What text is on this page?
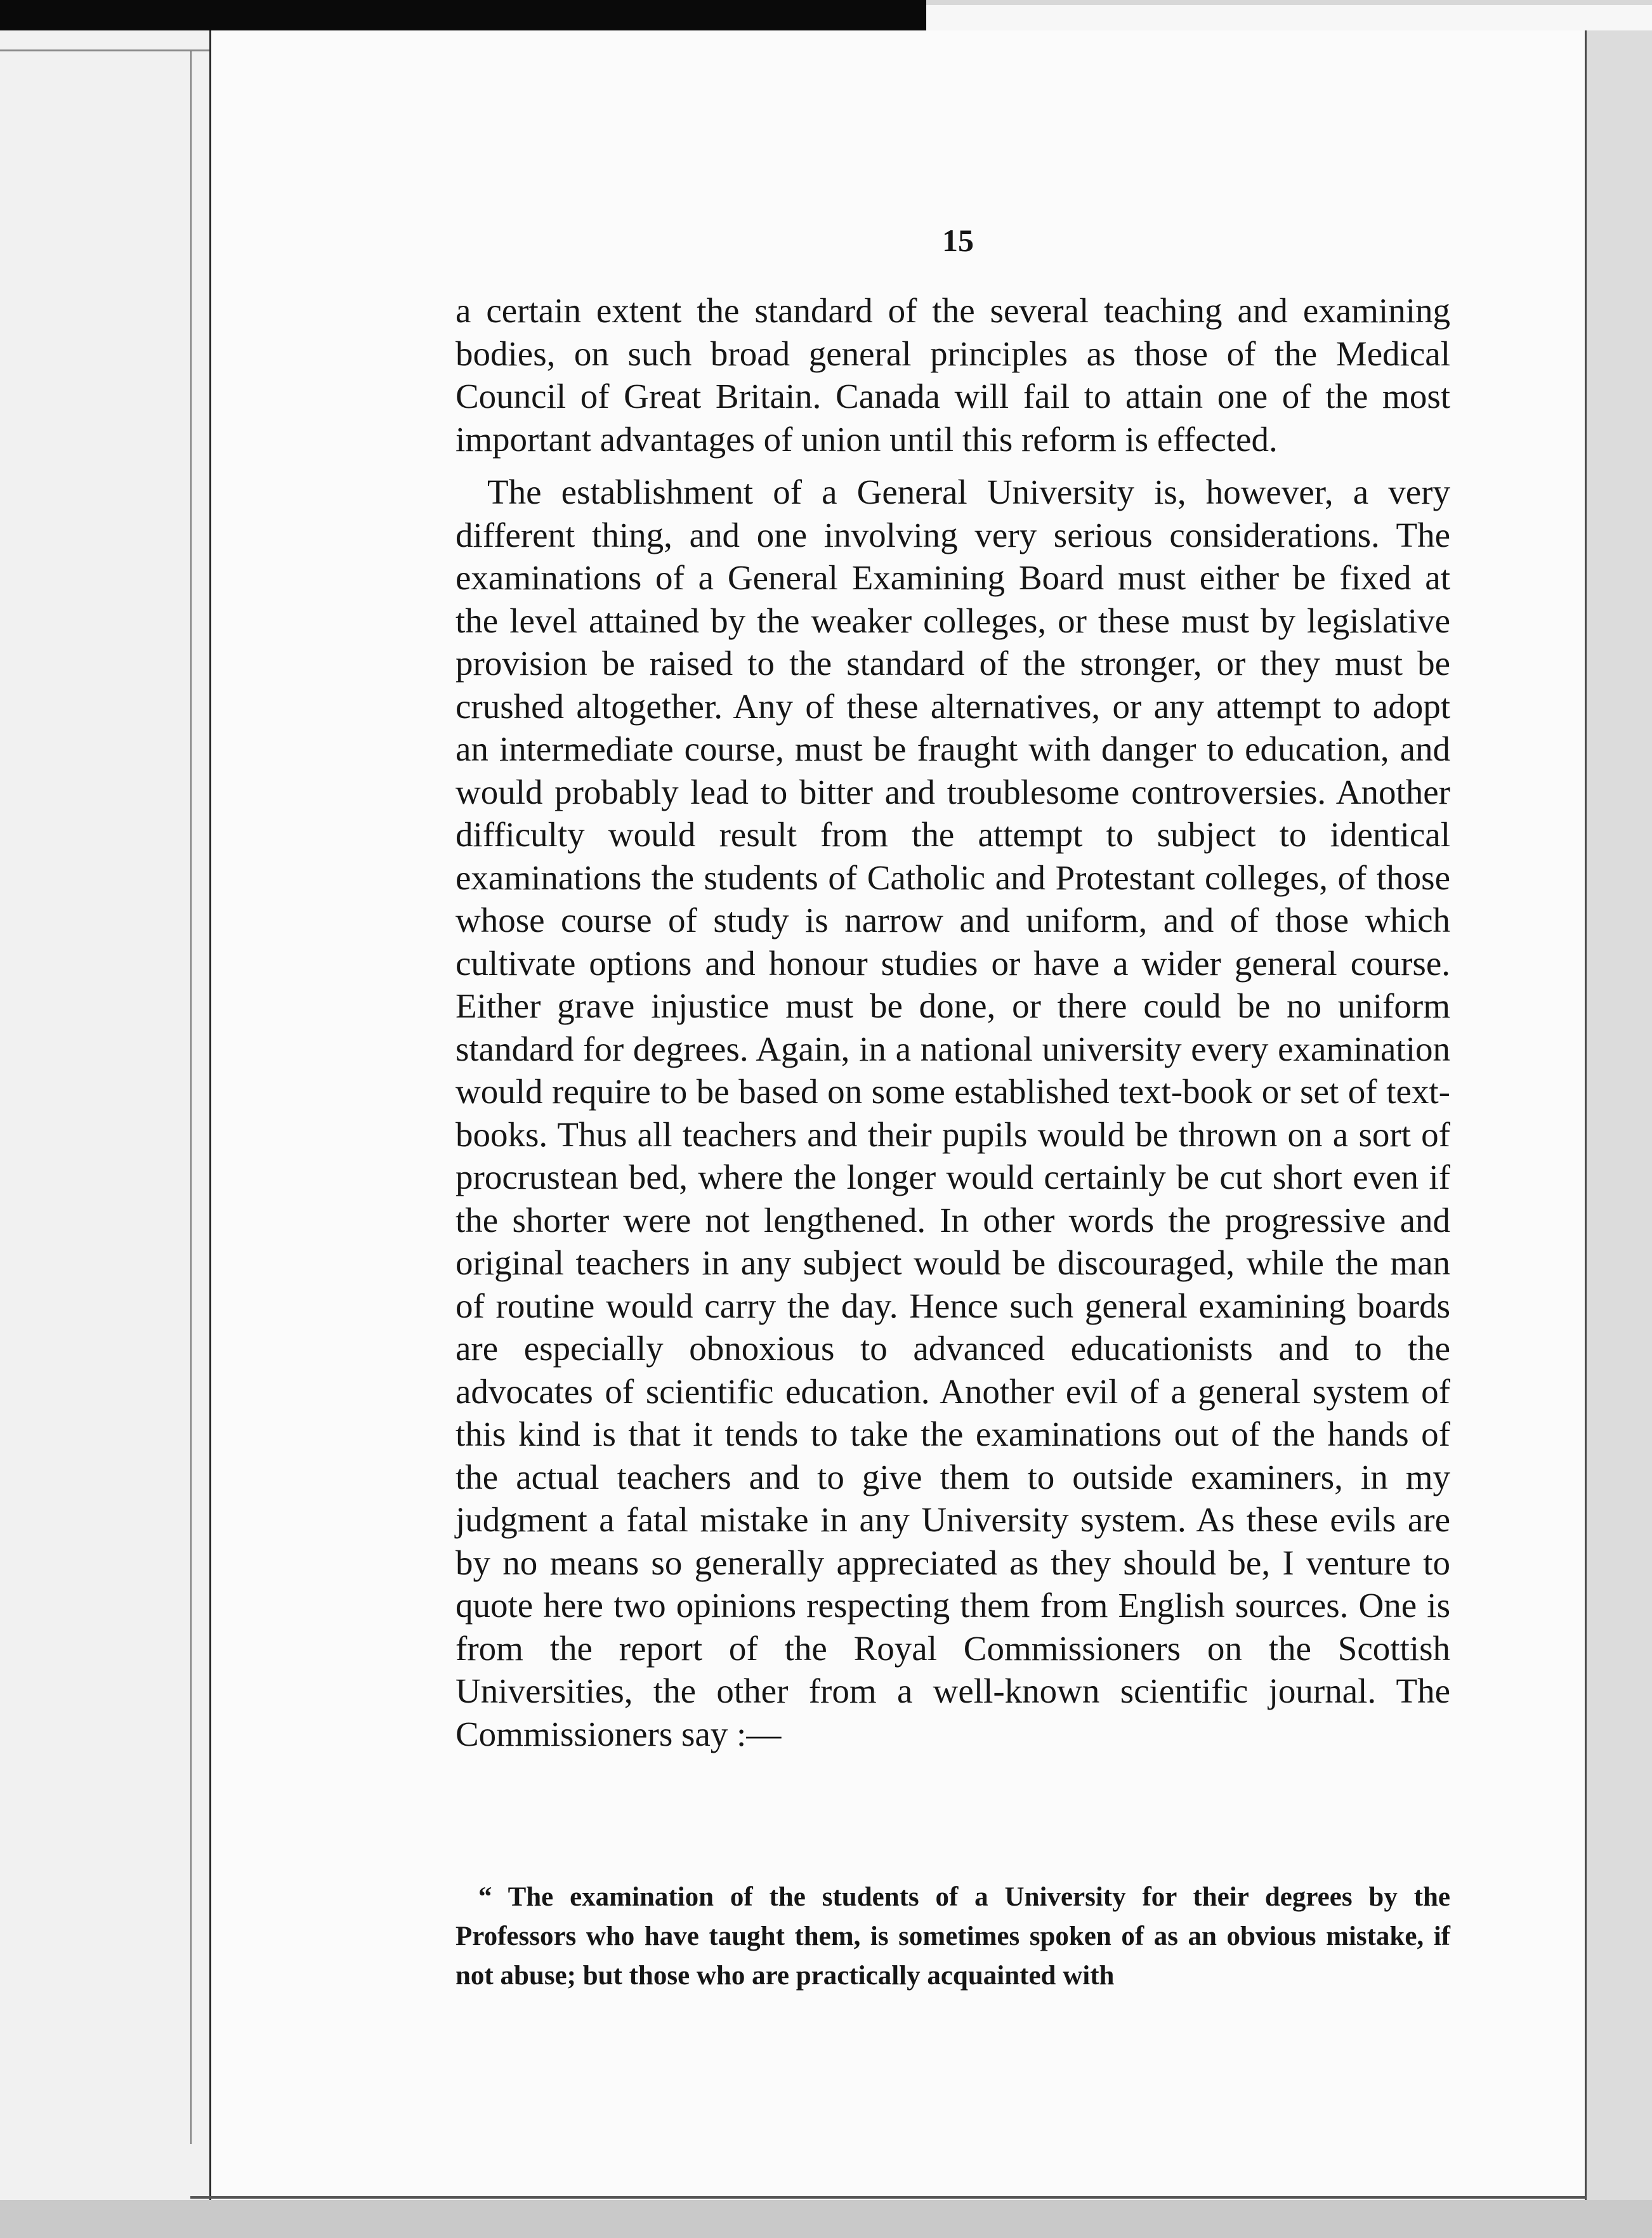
15

a certain extent the standard of the several teaching and examining bodies, on such broad general principles as those of the Medical Council of Great Britain. Canada will fail to attain one of the most important advantages of union until this reform is effected.

The establishment of a General University is, however, a very different thing, and one involving very serious considerations. The examinations of a General Examining Board must either be fixed at the level attained by the weaker colleges, or these must by legislative provision be raised to the standard of the stronger, or they must be crushed altogether. Any of these alternatives, or any attempt to adopt an intermediate course, must be fraught with danger to education, and would probably lead to bitter and troublesome controversies. Another difficulty would result from the attempt to subject to identical examinations the students of Catholic and Protestant colleges, of those whose course of study is narrow and uniform, and of those which cultivate options and honour studies or have a wider general course. Either grave injustice must be done, or there could be no uniform standard for degrees. Again, in a national university every examination would require to be based on some established text-book or set of text-books. Thus all teachers and their pupils would be thrown on a sort of procrustean bed, where the longer would certainly be cut short even if the shorter were not lengthened. In other words the progressive and original teachers in any subject would be discouraged, while the man of routine would carry the day. Hence such general examining boards are especially obnoxious to advanced educationists and to the advocates of scientific education. Another evil of a general system of this kind is that it tends to take the examinations out of the hands of the actual teachers and to give them to outside examiners, in my judgment a fatal mistake in any University system. As these evils are by no means so generally appreciated as they should be, I venture to quote here two opinions respecting them from English sources. One is from the report of the Royal Commissioners on the Scottish Universities, the other from a well-known scientific journal. The Commissioners say :—

“ The examination of the students of a University for their degrees by the Professors who have taught them, is sometimes spoken of as an obvious mistake, if not abuse; but those who are practically acquainted with
